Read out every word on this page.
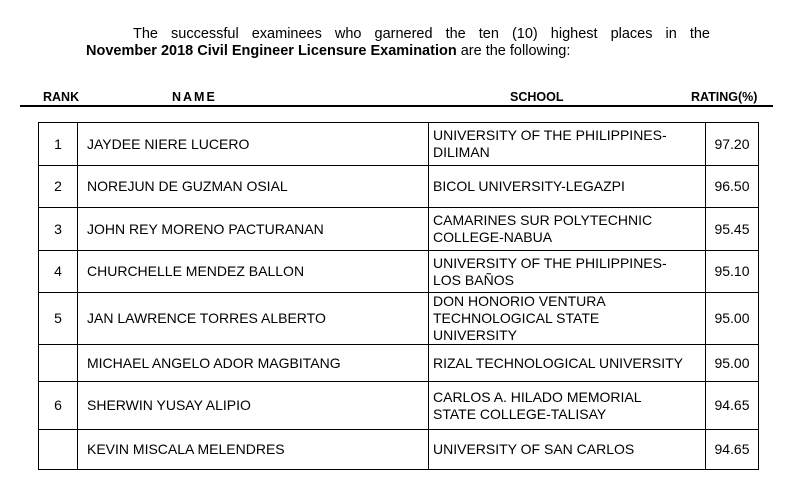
The successful examinees who garnered the ten (10) highest places in the
November 2018 Civil Engineer Licensure Examination are the following:
RANK	NAME	SCHOOL	RATING(%)
1	JAYDEE NIERE LUCERO	UNIVERSITY OF THE PHILIPPINES-
DILIMAN	97.20
2	NOREJUN DE GUZMAN OSIAL	BICOL UNIVERSITY-LEGAZPI	96.50
3	JOHN REY MORENO PACTURANAN	CAMARINES SUR POLYTECHNIC
COLLEGE-NABUA	95.45
4	CHURCHELLE MENDEZ BALLON	UNIVERSITY OF THE PHILIPPINES-
LOS BAÑOS	95.10
5	JAN LAWRENCE TORRES ALBERTO	DON HONORIO VENTURA
TECHNOLOGICAL STATE
UNIVERSITY	95.00
	MICHAEL ANGELO ADOR MAGBITANG	RIZAL TECHNOLOGICAL UNIVERSITY	95.00
6	SHERWIN YUSAY ALIPIO	CARLOS A. HILADO MEMORIAL
STATE COLLEGE-TALISAY	94.65
	KEVIN MISCALA MELENDRES	UNIVERSITY OF SAN CARLOS	94.65
